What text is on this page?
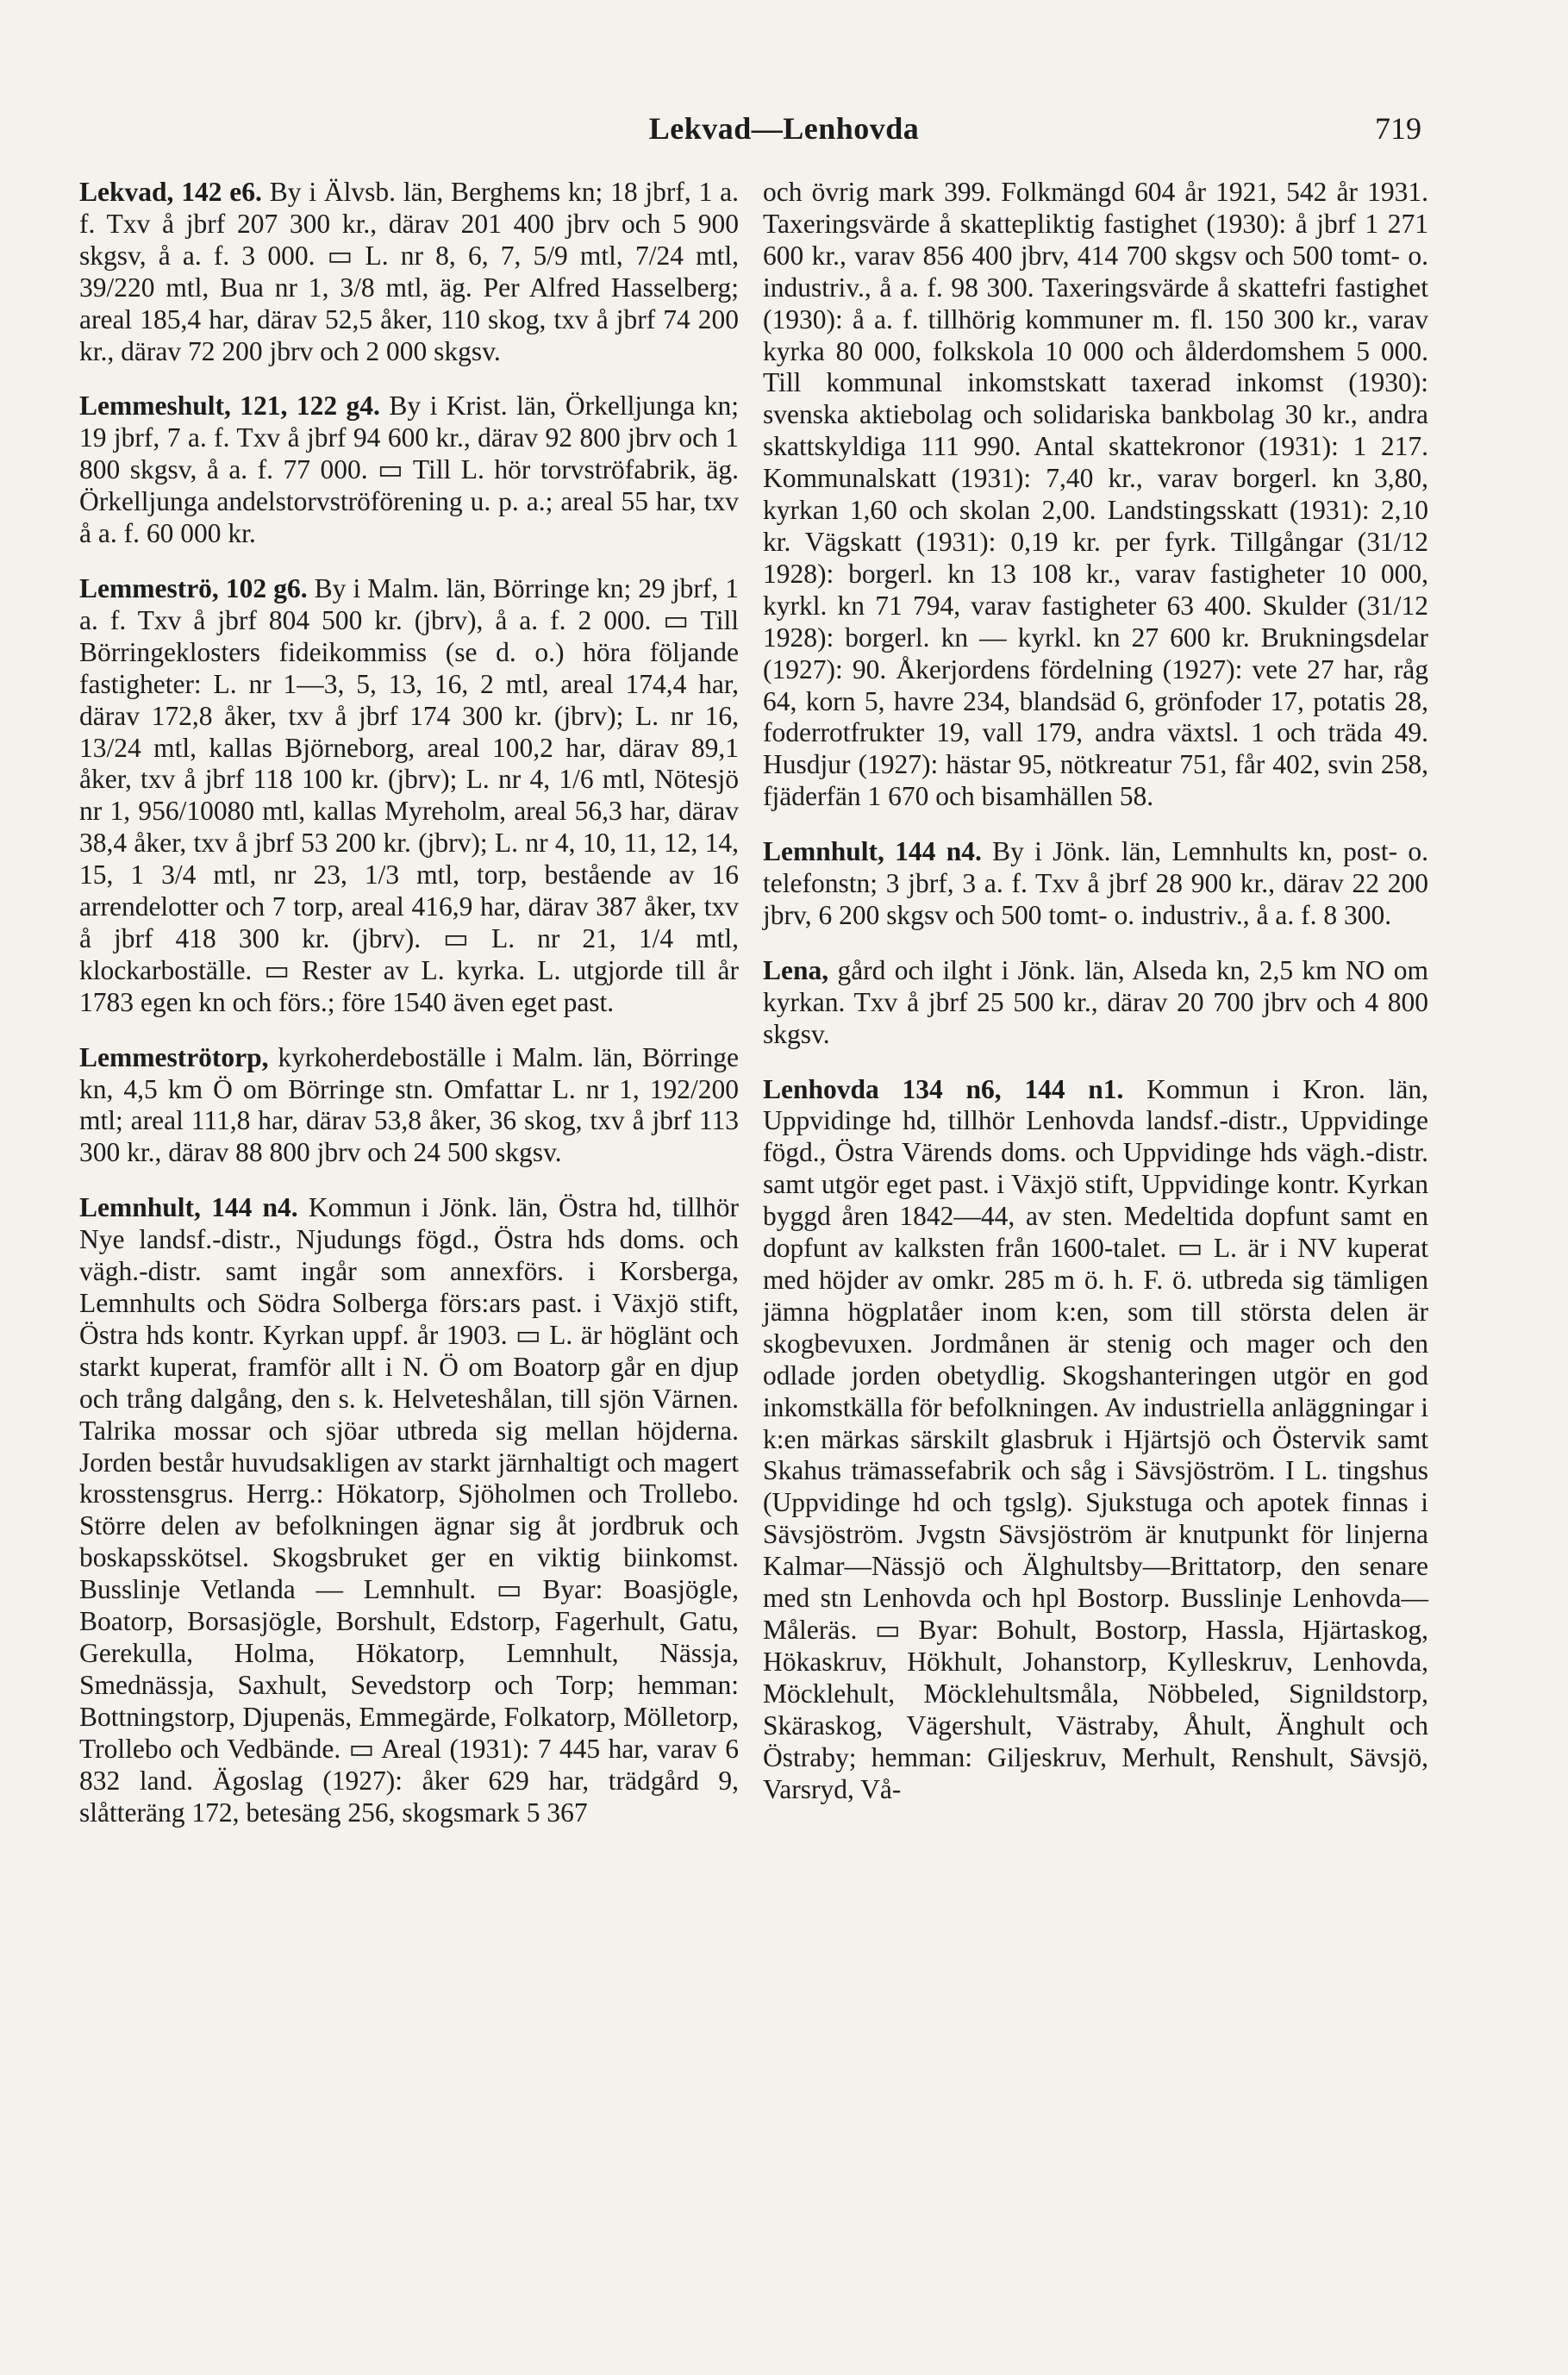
Lekvad—Lenhovda	719

Lekvad, 142 e6. By i Älvsb. län, Berghems kn; 18 jbrf, 1 a. f. Txv å jbrf 207 300 kr., därav 201 400 jbrv och 5 900 skgsv, å a. f. 3 000. ▭ L. nr 8, 6, 7, 5/9 mtl, 7/24 mtl, 39/220 mtl, Bua nr 1, 3/8 mtl, äg. Per Alfred Hasselberg; areal 185,4 har, därav 52,5 åker, 110 skog, txv å jbrf 74 200 kr., därav 72 200 jbrv och 2 000 skgsv.

Lemmeshult, 121, 122 g4. By i Krist. län, Örkelljunga kn; 19 jbrf, 7 a. f. Txv å jbrf 94 600 kr., därav 92 800 jbrv och 1 800 skgsv, å a. f. 77 000. ▭ Till L. hör torvströfabrik, äg. Örkelljunga andelstorvströförening u. p. a.; areal 55 har, txv å a. f. 60 000 kr.

Lemmeströ, 102 g6. By i Malm. län, Börringe kn; 29 jbrf, 1 a. f. Txv å jbrf 804 500 kr. (jbrv), å a. f. 2 000. ▭ Till Börringeklosters fideikommiss (se d. o.) höra följande fastigheter: L. nr 1—3, 5, 13, 16, 2 mtl, areal 174,4 har, därav 172,8 åker, txv å jbrf 174 300 kr. (jbrv); L. nr 16, 13/24 mtl, kallas Björneborg, areal 100,2 har, därav 89,1 åker, txv å jbrf 118 100 kr. (jbrv); L. nr 4, 1/6 mtl, Nötesjö nr 1, 956/10080 mtl, kallas Myreholm, areal 56,3 har, därav 38,4 åker, txv å jbrf 53 200 kr. (jbrv); L. nr 4, 10, 11, 12, 14, 15, 1 3/4 mtl, nr 23, 1/3 mtl, torp, bestående av 16 arrendelotter och 7 torp, areal 416,9 har, därav 387 åker, txv å jbrf 418 300 kr. (jbrv). ▭ L. nr 21, 1/4 mtl, klockarboställe. ▭ Rester av L. kyrka. L. utgjorde till år 1783 egen kn och förs.; före 1540 även eget past.

Lemmeströtorp, kyrkoherdeboställe i Malm. län, Börringe kn, 4,5 km Ö om Börringe stn. Omfattar L. nr 1, 192/200 mtl; areal 111,8 har, därav 53,8 åker, 36 skog, txv å jbrf 113 300 kr., därav 88 800 jbrv och 24 500 skgsv.

Lemnhult, 144 n4. Kommun i Jönk. län, Östra hd, tillhör Nye landsf.-distr., Njudungs fögd., Östra hds doms. och vägh.-distr. samt ingår som annexförs. i Korsberga, Lemnhults och Södra Solberga förs:ars past. i Växjö stift, Östra hds kontr. Kyrkan uppf. år 1903. ▭ L. är höglänt och starkt kuperat, framför allt i N. Ö om Boatorp går en djup och trång dalgång, den s. k. Helveteshålan, till sjön Värnen. Talrika mossar och sjöar utbreda sig mellan höjderna. Jorden består huvudsakligen av starkt järnhaltigt och magert krosstensgrus. Herrg.: Hökatorp, Sjöholmen och Trollebo. Större delen av befolkningen ägnar sig åt jordbruk och boskapsskötsel. Skogsbruket ger en viktig biinkomst. Busslinje Vetlanda — Lemnhult. ▭ Byar: Boasjögle, Boatorp, Borsasjögle, Borshult, Edstorp, Fagerhult, Gatu, Gerekulla, Holma, Hökatorp, Lemnhult, Nässja, Smednässja, Saxhult, Sevedstorp och Torp; hemman: Bottningstorp, Djupenäs, Emmegärde, Folkatorp, Mölletorp, Trollebo och Vedbände. ▭ Areal (1931): 7 445 har, varav 6 832 land. Ägoslag (1927): åker 629 har, trädgård 9, slåtteräng 172, betesäng 256, skogsmark 5 367

och övrig mark 399. Folkmängd 604 år 1921, 542 år 1931. Taxeringsvärde å skattepliktig fastighet (1930): å jbrf 1 271 600 kr., varav 856 400 jbrv, 414 700 skgsv och 500 tomt- o. industriv., å a. f. 98 300. Taxeringsvärde å skattefri fastighet (1930): å a. f. tillhörig kommuner m. fl. 150 300 kr., varav kyrka 80 000, folkskola 10 000 och ålderdomshem 5 000. Till kommunal inkomstskatt taxerad inkomst (1930): svenska aktiebolag och solidariska bankbolag 30 kr., andra skattskyldiga 111 990. Antal skattekronor (1931): 1 217. Kommunalskatt (1931): 7,40 kr., varav borgerl. kn 3,80, kyrkan 1,60 och skolan 2,00. Landstingsskatt (1931): 2,10 kr. Vägskatt (1931): 0,19 kr. per fyrk. Tillgångar (31/12 1928): borgerl. kn 13 108 kr., varav fastigheter 10 000, kyrkl. kn 71 794, varav fastigheter 63 400. Skulder (31/12 1928): borgerl. kn — kyrkl. kn 27 600 kr. Brukningsdelar (1927): 90. Åkerjordens fördelning (1927): vete 27 har, råg 64, korn 5, havre 234, blandsäd 6, grönfoder 17, potatis 28, foderrotfrukter 19, vall 179, andra växtsl. 1 och träda 49. Husdjur (1927): hästar 95, nötkreatur 751, får 402, svin 258, fjäderfän 1 670 och bisamhällen 58.

Lemnhult, 144 n4. By i Jönk. län, Lemnhults kn, post- o. telefonstn; 3 jbrf, 3 a. f. Txv å jbrf 28 900 kr., därav 22 200 jbrv, 6 200 skgsv och 500 tomt- o. industriv., å a. f. 8 300.

Lena, gård och ilght i Jönk. län, Alseda kn, 2,5 km NO om kyrkan. Txv å jbrf 25 500 kr., därav 20 700 jbrv och 4 800 skgsv.

Lenhovda 134 n6, 144 n1. Kommun i Kron. län, Uppvidinge hd, tillhör Lenhovda landsf.-distr., Uppvidinge fögd., Östra Värends doms. och Uppvidinge hds vägh.-distr. samt utgör eget past. i Växjö stift, Uppvidinge kontr. Kyrkan byggd åren 1842—44, av sten. Medeltida dopfunt samt en dopfunt av kalksten från 1600-talet. ▭ L. är i NV kuperat med höjder av omkr. 285 m ö. h. F. ö. utbreda sig tämligen jämna högplatåer inom k:en, som till största delen är skogbevuxen. Jordmånen är stenig och mager och den odlade jorden obetydlig. Skogshanteringen utgör en god inkomstkälla för befolkningen. Av industriella anläggningar i k:en märkas särskilt glasbruk i Hjärtsjö och Östervik samt Skahus trämassefabrik och såg i Sävsjöström. I L. tingshus (Uppvidinge hd och tgslg). Sjukstuga och apotek finnas i Sävsjöström. Jvgstn Sävsjöström är knutpunkt för linjerna Kalmar—Nässjö och Älghultsby—Brittatorp, den senare med stn Lenhovda och hpl Bostorp. Busslinje Lenhovda—Måleräs. ▭ Byar: Bohult, Bostorp, Hassla, Hjärtaskog, Hökaskruv, Hökhult, Johanstorp, Kylleskruv, Lenhovda, Möcklehult, Möcklehultsmåla, Nöbbeled, Signildstorp, Skäraskog, Vägershult, Västraby, Åhult, Änghult och Östraby; hemman: Giljeskruv, Merhult, Renshult, Sävsjö, Varsryd, Vå-
